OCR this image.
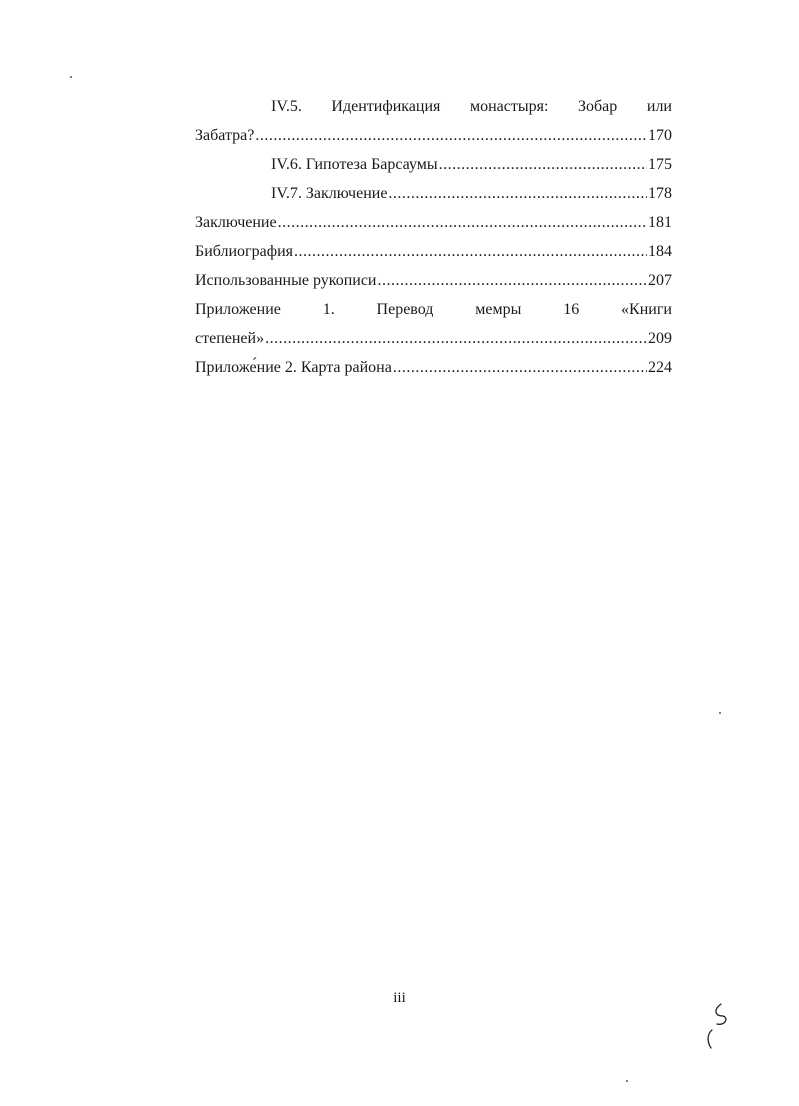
IV.5. Идентификация монастыря: Зобар или
Забатра? .....	170
IV.6. Гипотеза Барсаумы .....	175
IV.7. Заключение .....	178
Заключение .....	181
Библиография .....	184
Использованные рукописи .....	207
Приложение	1.	Перевод	мемры	16	«Книги
степеней» .....	209
Приложе́ние 2. Карта района .....	224
iii
